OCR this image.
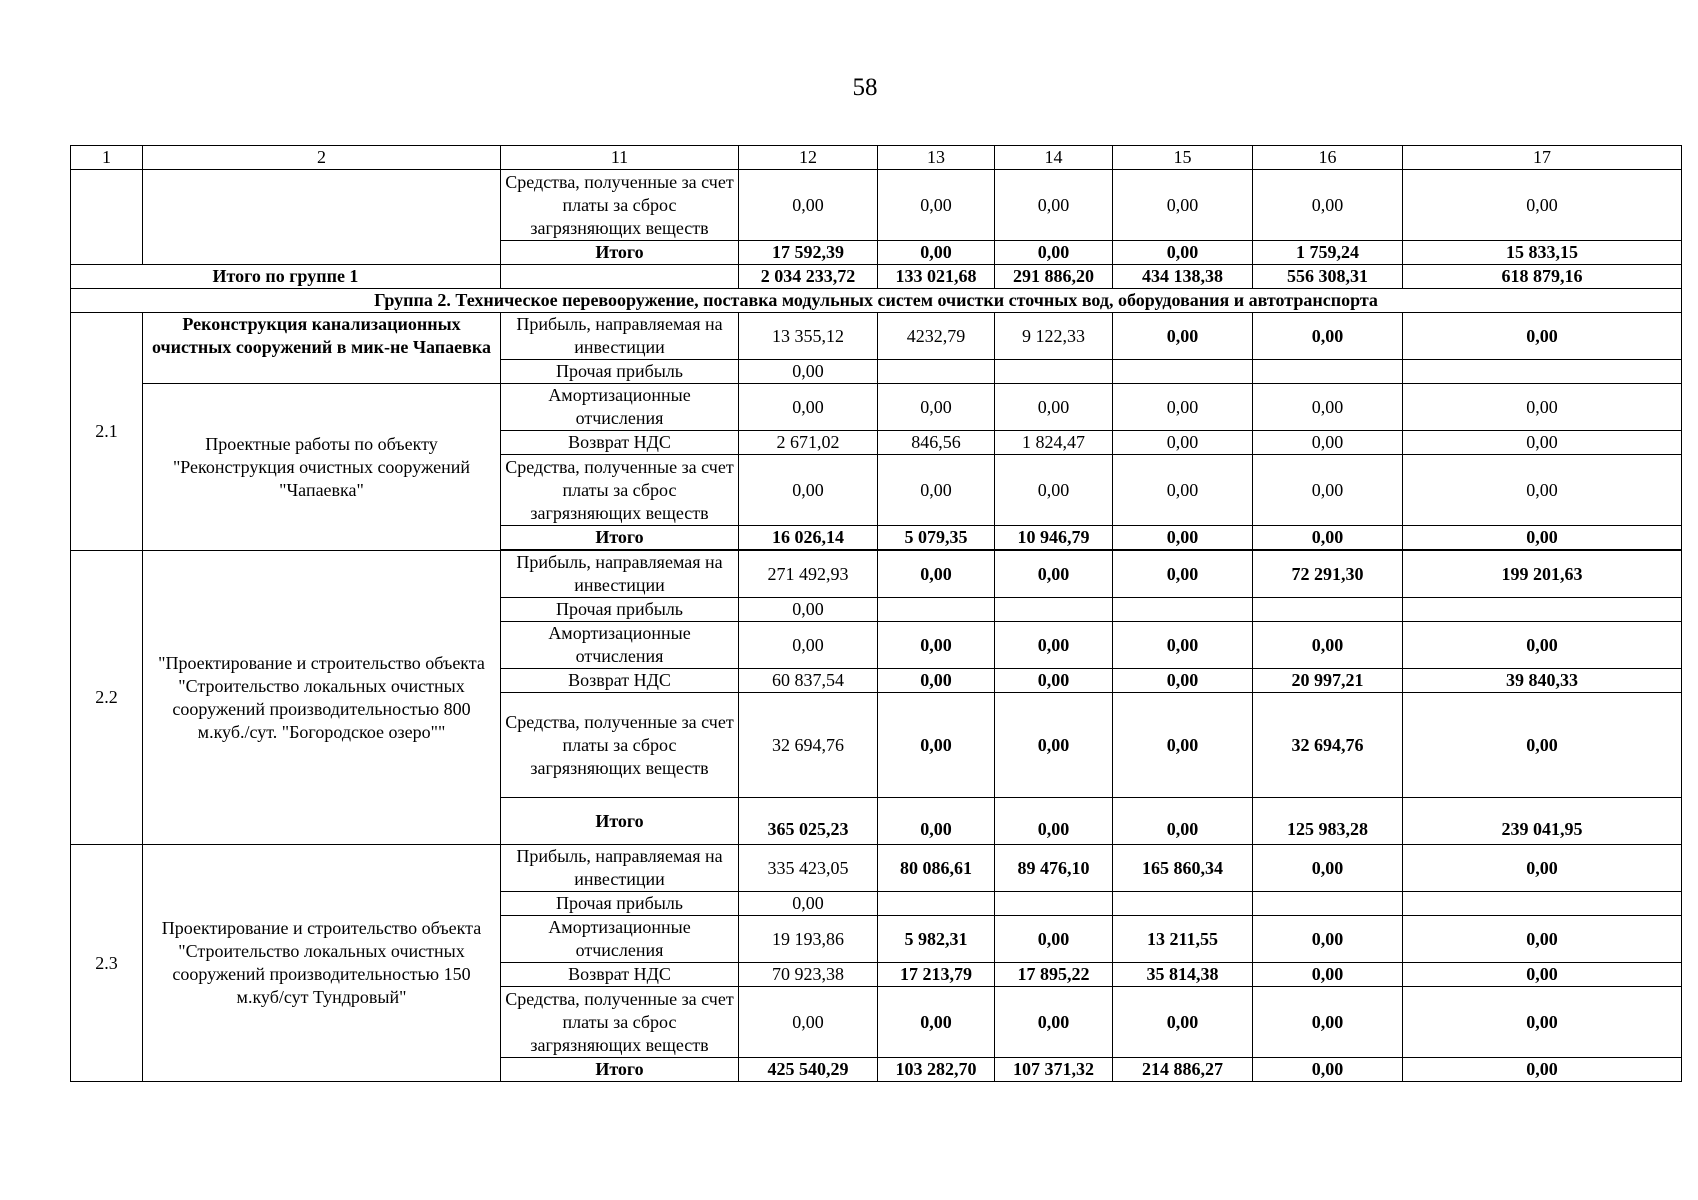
58
1	2	11	12	13	14	15	16	17
		Средства, полученные за счет платы за сброс загрязняющих веществ	0,00	0,00	0,00	0,00	0,00	0,00
		Итого	17 592,39	0,00	0,00	0,00	1 759,24	15 833,15
Итого по группе 1			2 034 233,72	133 021,68	291 886,20	434 138,38	556 308,31	618 879,16
Группа 2. Техническое перевооружение, поставка модульных систем очистки сточных вод, оборудования и автотранспорта								
2.1	Реконструкция канализационных очистных сооружений в мик-не Чапаевка	Прибыль, направляемая на инвестиции	13 355,12	4232,79	9 122,33	0,00	0,00	0,00
		Прочая прибыль	0,00					
	Проектные работы по объекту "Реконструкция очистных сооружений "Чапаевка"	Амортизационные отчисления	0,00	0,00	0,00	0,00	0,00	0,00
		Возврат НДС	2 671,02	846,56	1 824,47	0,00	0,00	0,00
		Средства, полученные за счет платы за сброс загрязняющих веществ	0,00	0,00	0,00	0,00	0,00	0,00
		Итого	16 026,14	5 079,35	10 946,79	0,00	0,00	0,00

2.2	"Проектирование и строительство объекта "Строительство локальных очистных сооружений производительностью 800 м.куб./сут. "Богородское озеро""	Прибыль, направляемая на инвестиции	271 492,93	0,00	0,00	0,00	72 291,30	199 201,63
		Прочая прибыль	0,00					
		Амортизационные отчисления	0,00	0,00	0,00	0,00	0,00	0,00
		Возврат НДС	60 837,54	0,00	0,00	0,00	20 997,21	39 840,33
		Средства, полученные за счет платы за сброс загрязняющих веществ	32 694,76	0,00	0,00	0,00	32 694,76	0,00
		Итого	365 025,23	0,00	0,00	0,00	125 983,28	239 041,95
2.3	Проектирование и строительство объекта "Строительство локальных очистных сооружений производительностью 150 м.куб/сут Тундровый"	Прибыль, направляемая на инвестиции	335 423,05	80 086,61	89 476,10	165 860,34	0,00	0,00
		Прочая прибыль	0,00					
		Амортизационные отчисления	19 193,86	5 982,31	0,00	13 211,55	0,00	0,00
		Возврат НДС	70 923,38	17 213,79	17 895,22	35 814,38	0,00	0,00
		Средства, полученные за счет платы за сброс загрязняющих веществ	0,00	0,00	0,00	0,00	0,00	0,00
		Итого	425 540,29	103 282,70	107 371,32	214 886,27	0,00	0,00
